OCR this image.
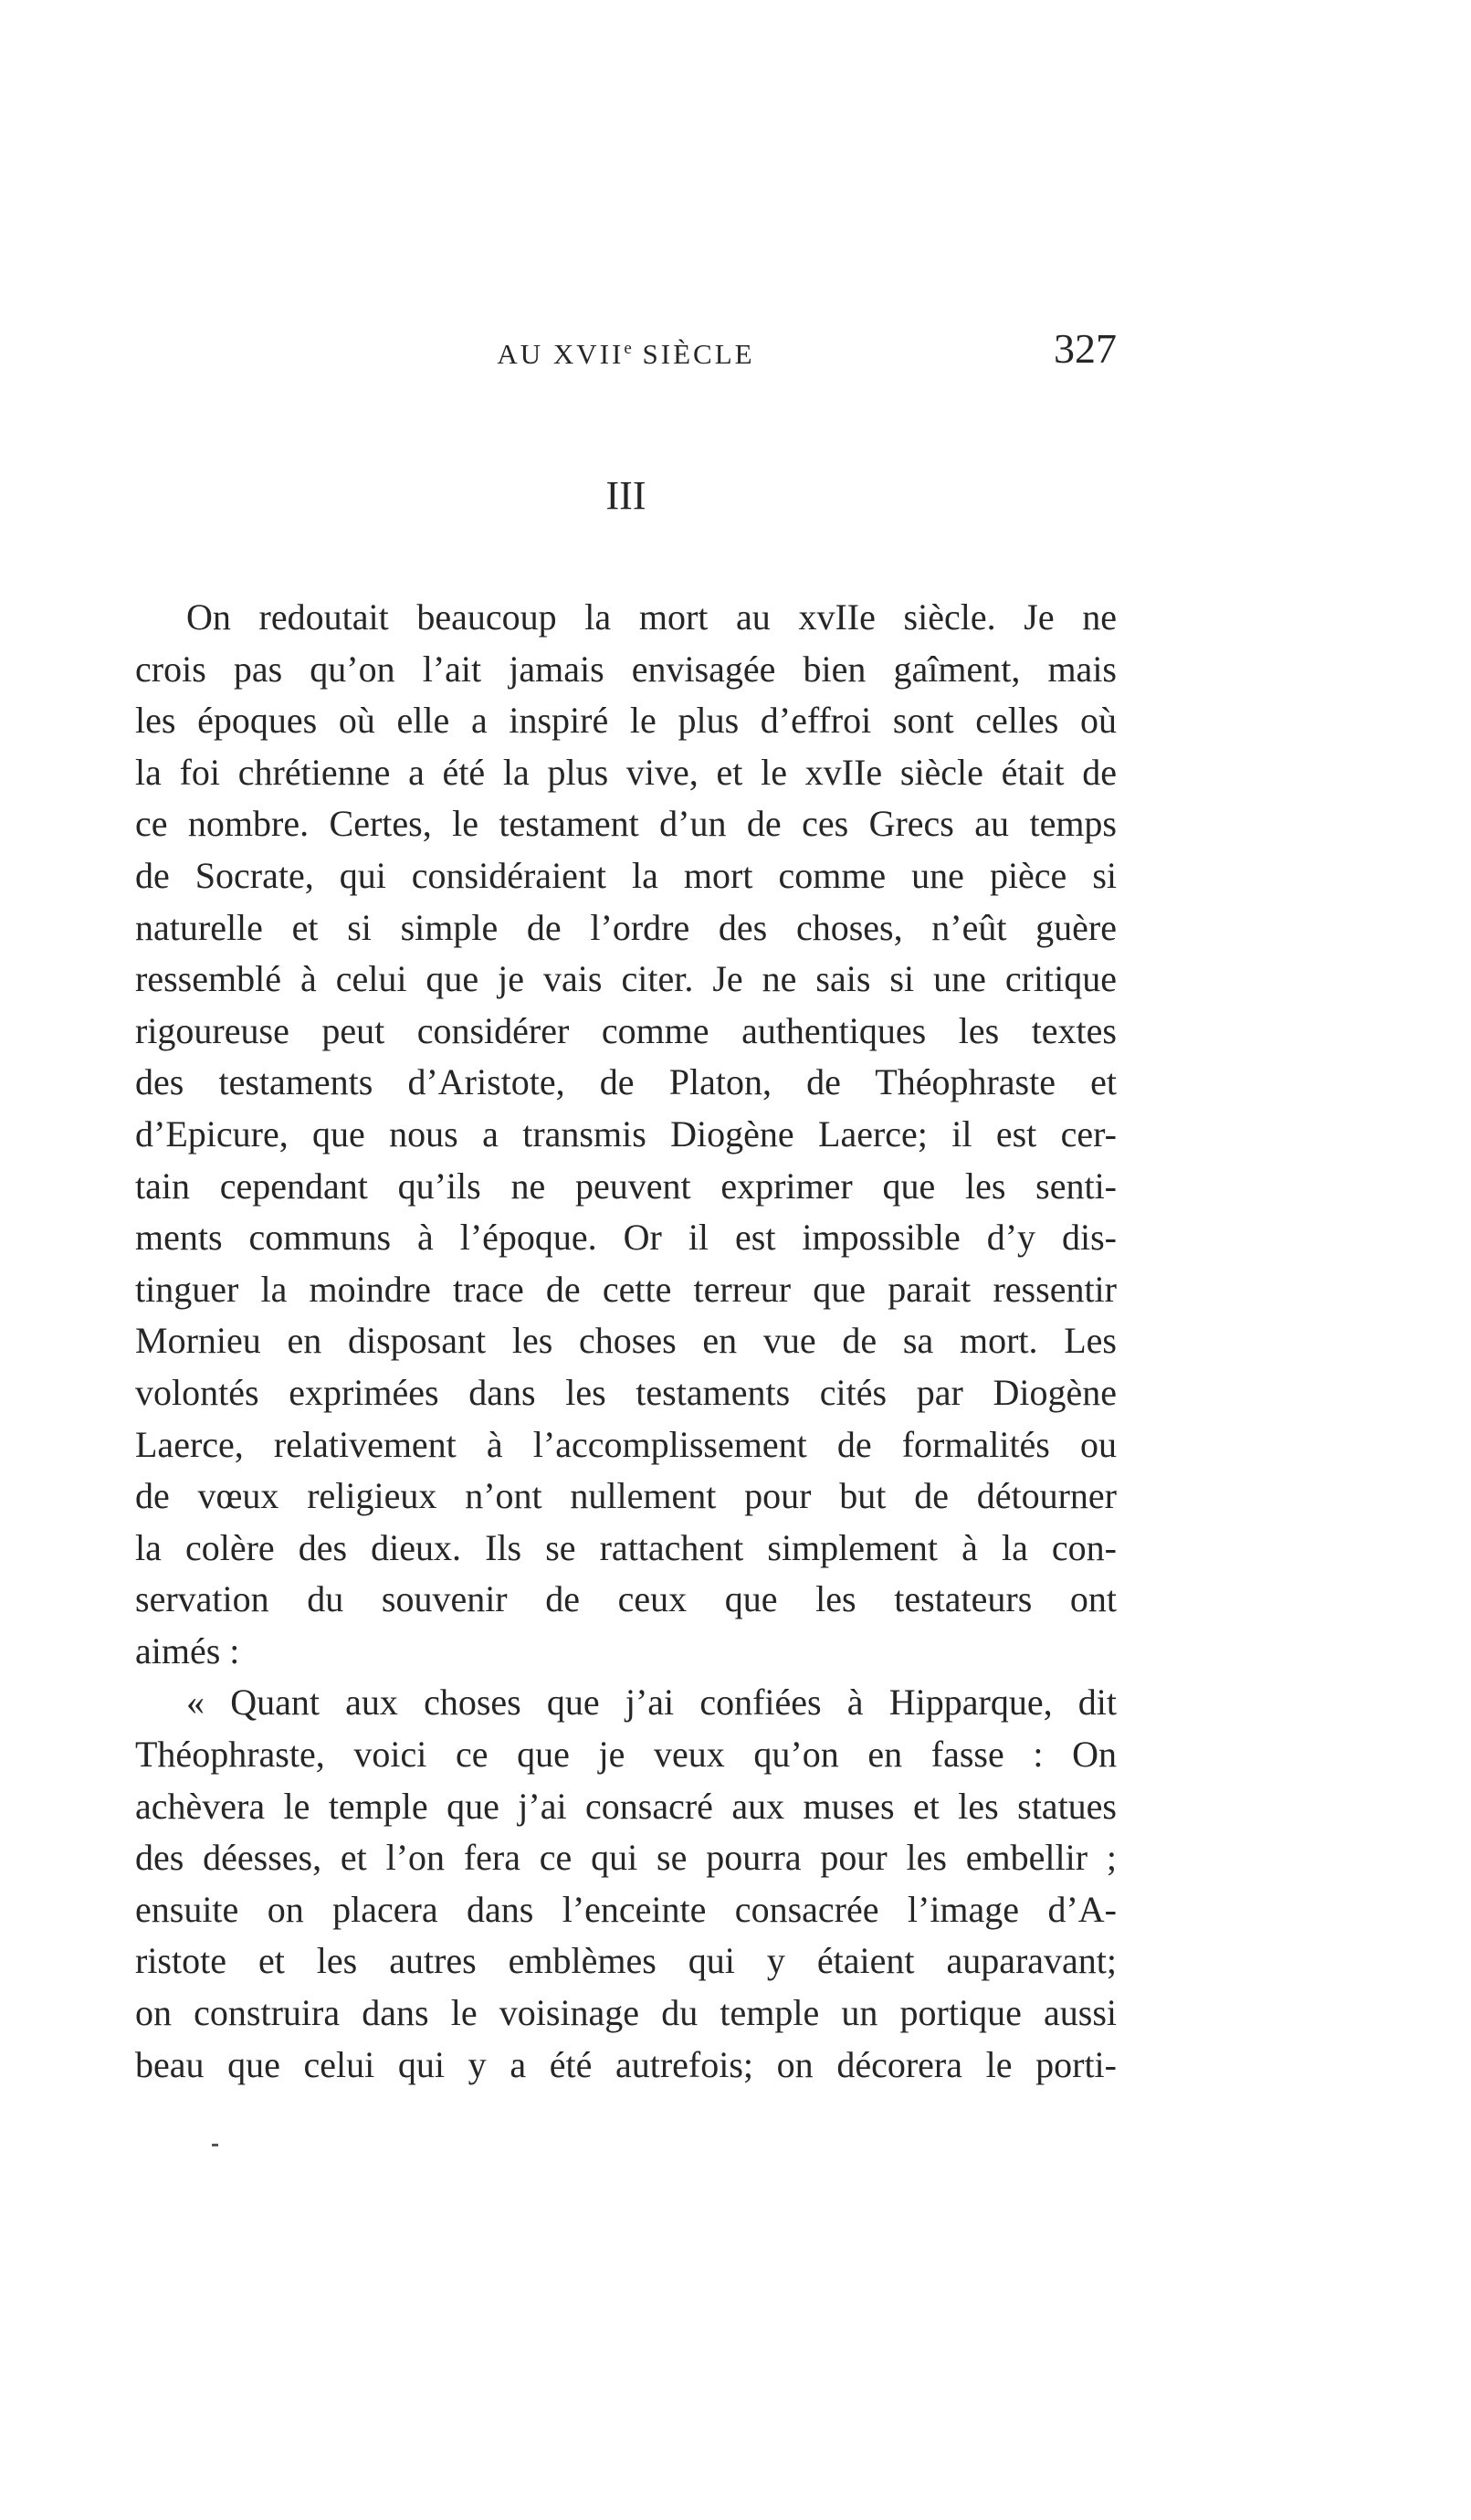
AU XVIIe SIÈCLE	327
III
On redoutait beaucoup la mort au xvIIe siècle. Je ne
crois pas qu’on l’ait jamais envisagée bien gaîment, mais
les époques où elle a inspiré le plus d’effroi sont celles où
la foi chrétienne a été la plus vive, et le xvIIe siècle était de
ce nombre. Certes, le testament d’un de ces Grecs au temps
de Socrate, qui considéraient la mort comme une pièce si
naturelle et si simple de l’ordre des choses, n’eût guère
ressemblé à celui que je vais citer. Je ne sais si une critique
rigoureuse peut considérer comme authentiques les textes
des testaments d’Aristote, de Platon, de Théophraste et
d’Epicure, que nous a transmis Diogène Laerce; il est cer-
tain cependant qu’ils ne peuvent exprimer que les senti-
ments communs à l’époque. Or il est impossible d’y dis-
tinguer la moindre trace de cette terreur que parait ressentir
Mornieu en disposant les choses en vue de sa mort. Les
volontés exprimées dans les testaments cités par Diogène
Laerce, relativement à l’accomplissement de formalités ou
de vœux religieux n’ont nullement pour but de détourner
la colère des dieux. Ils se rattachent simplement à la con-
servation du souvenir de ceux que les testateurs ont
aimés :
« Quant aux choses que j’ai confiées à Hipparque, dit
Théophraste, voici ce que je veux qu’on en fasse : On
achèvera le temple que j’ai consacré aux muses et les statues
des déesses, et l’on fera ce qui se pourra pour les embellir ;
ensuite on placera dans l’enceinte consacrée l’image d’A-
ristote et les autres emblèmes qui y étaient auparavant;
on construira dans le voisinage du temple un portique aussi
beau que celui qui y a été autrefois; on décorera le porti-
